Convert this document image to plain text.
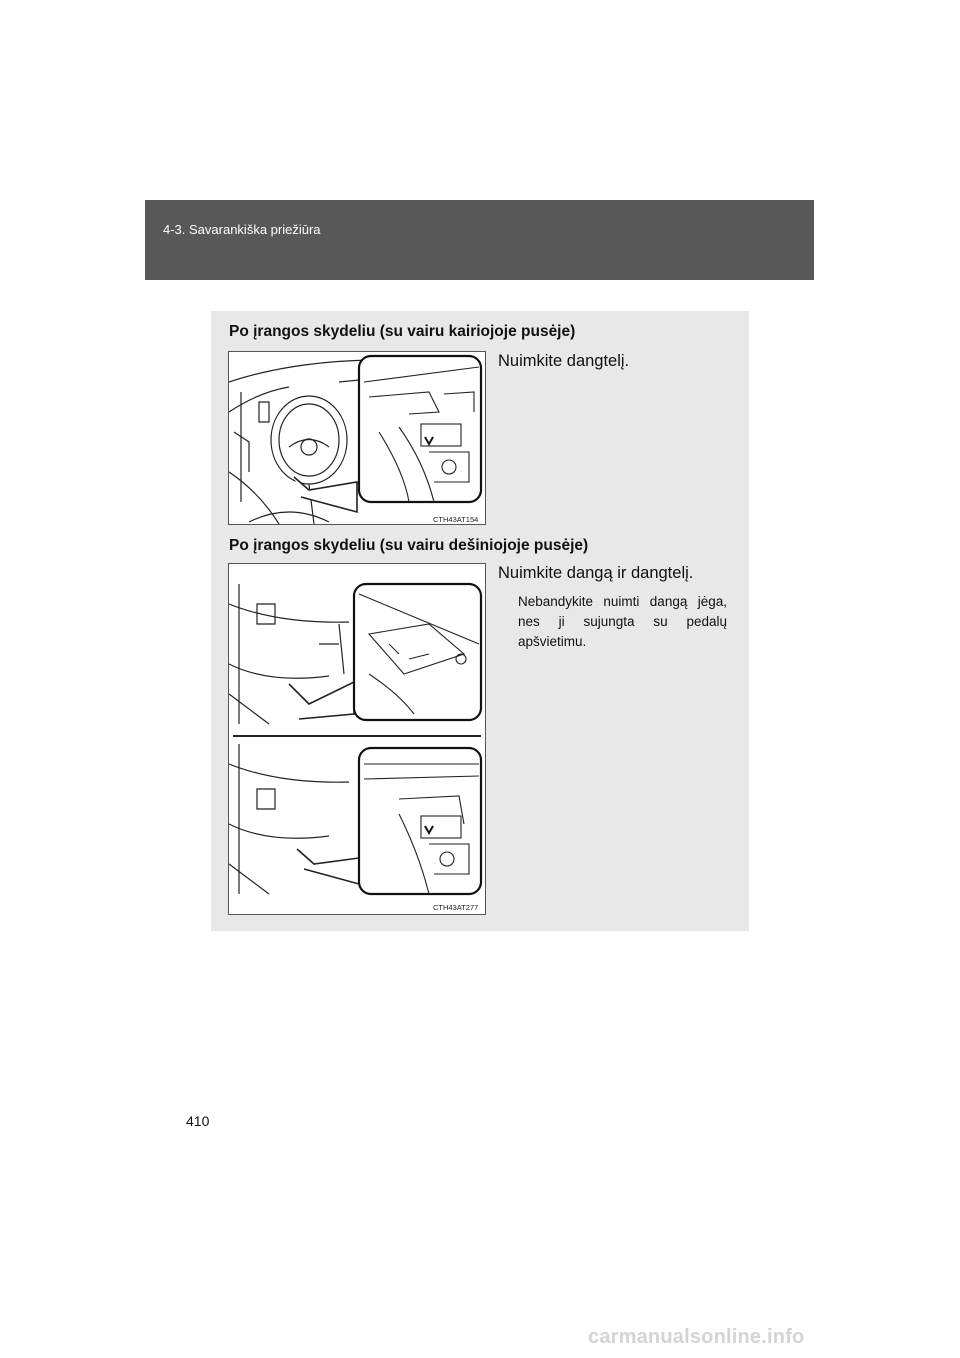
4-3. Savarankiška priežiūra
Po įrangos skydeliu (su vairu kairiojoje pusėje)
Nuimkite dangtelį.
CTH43AT154
Po įrangos skydeliu (su vairu dešiniojoje pusėje)
Nuimkite dangą ir dangtelį.
Nebandykite nuimti dangą jėga, nes ji sujungta su pedalų apšvietimu.
CTH43AT277
410
carmanualsonline.info
